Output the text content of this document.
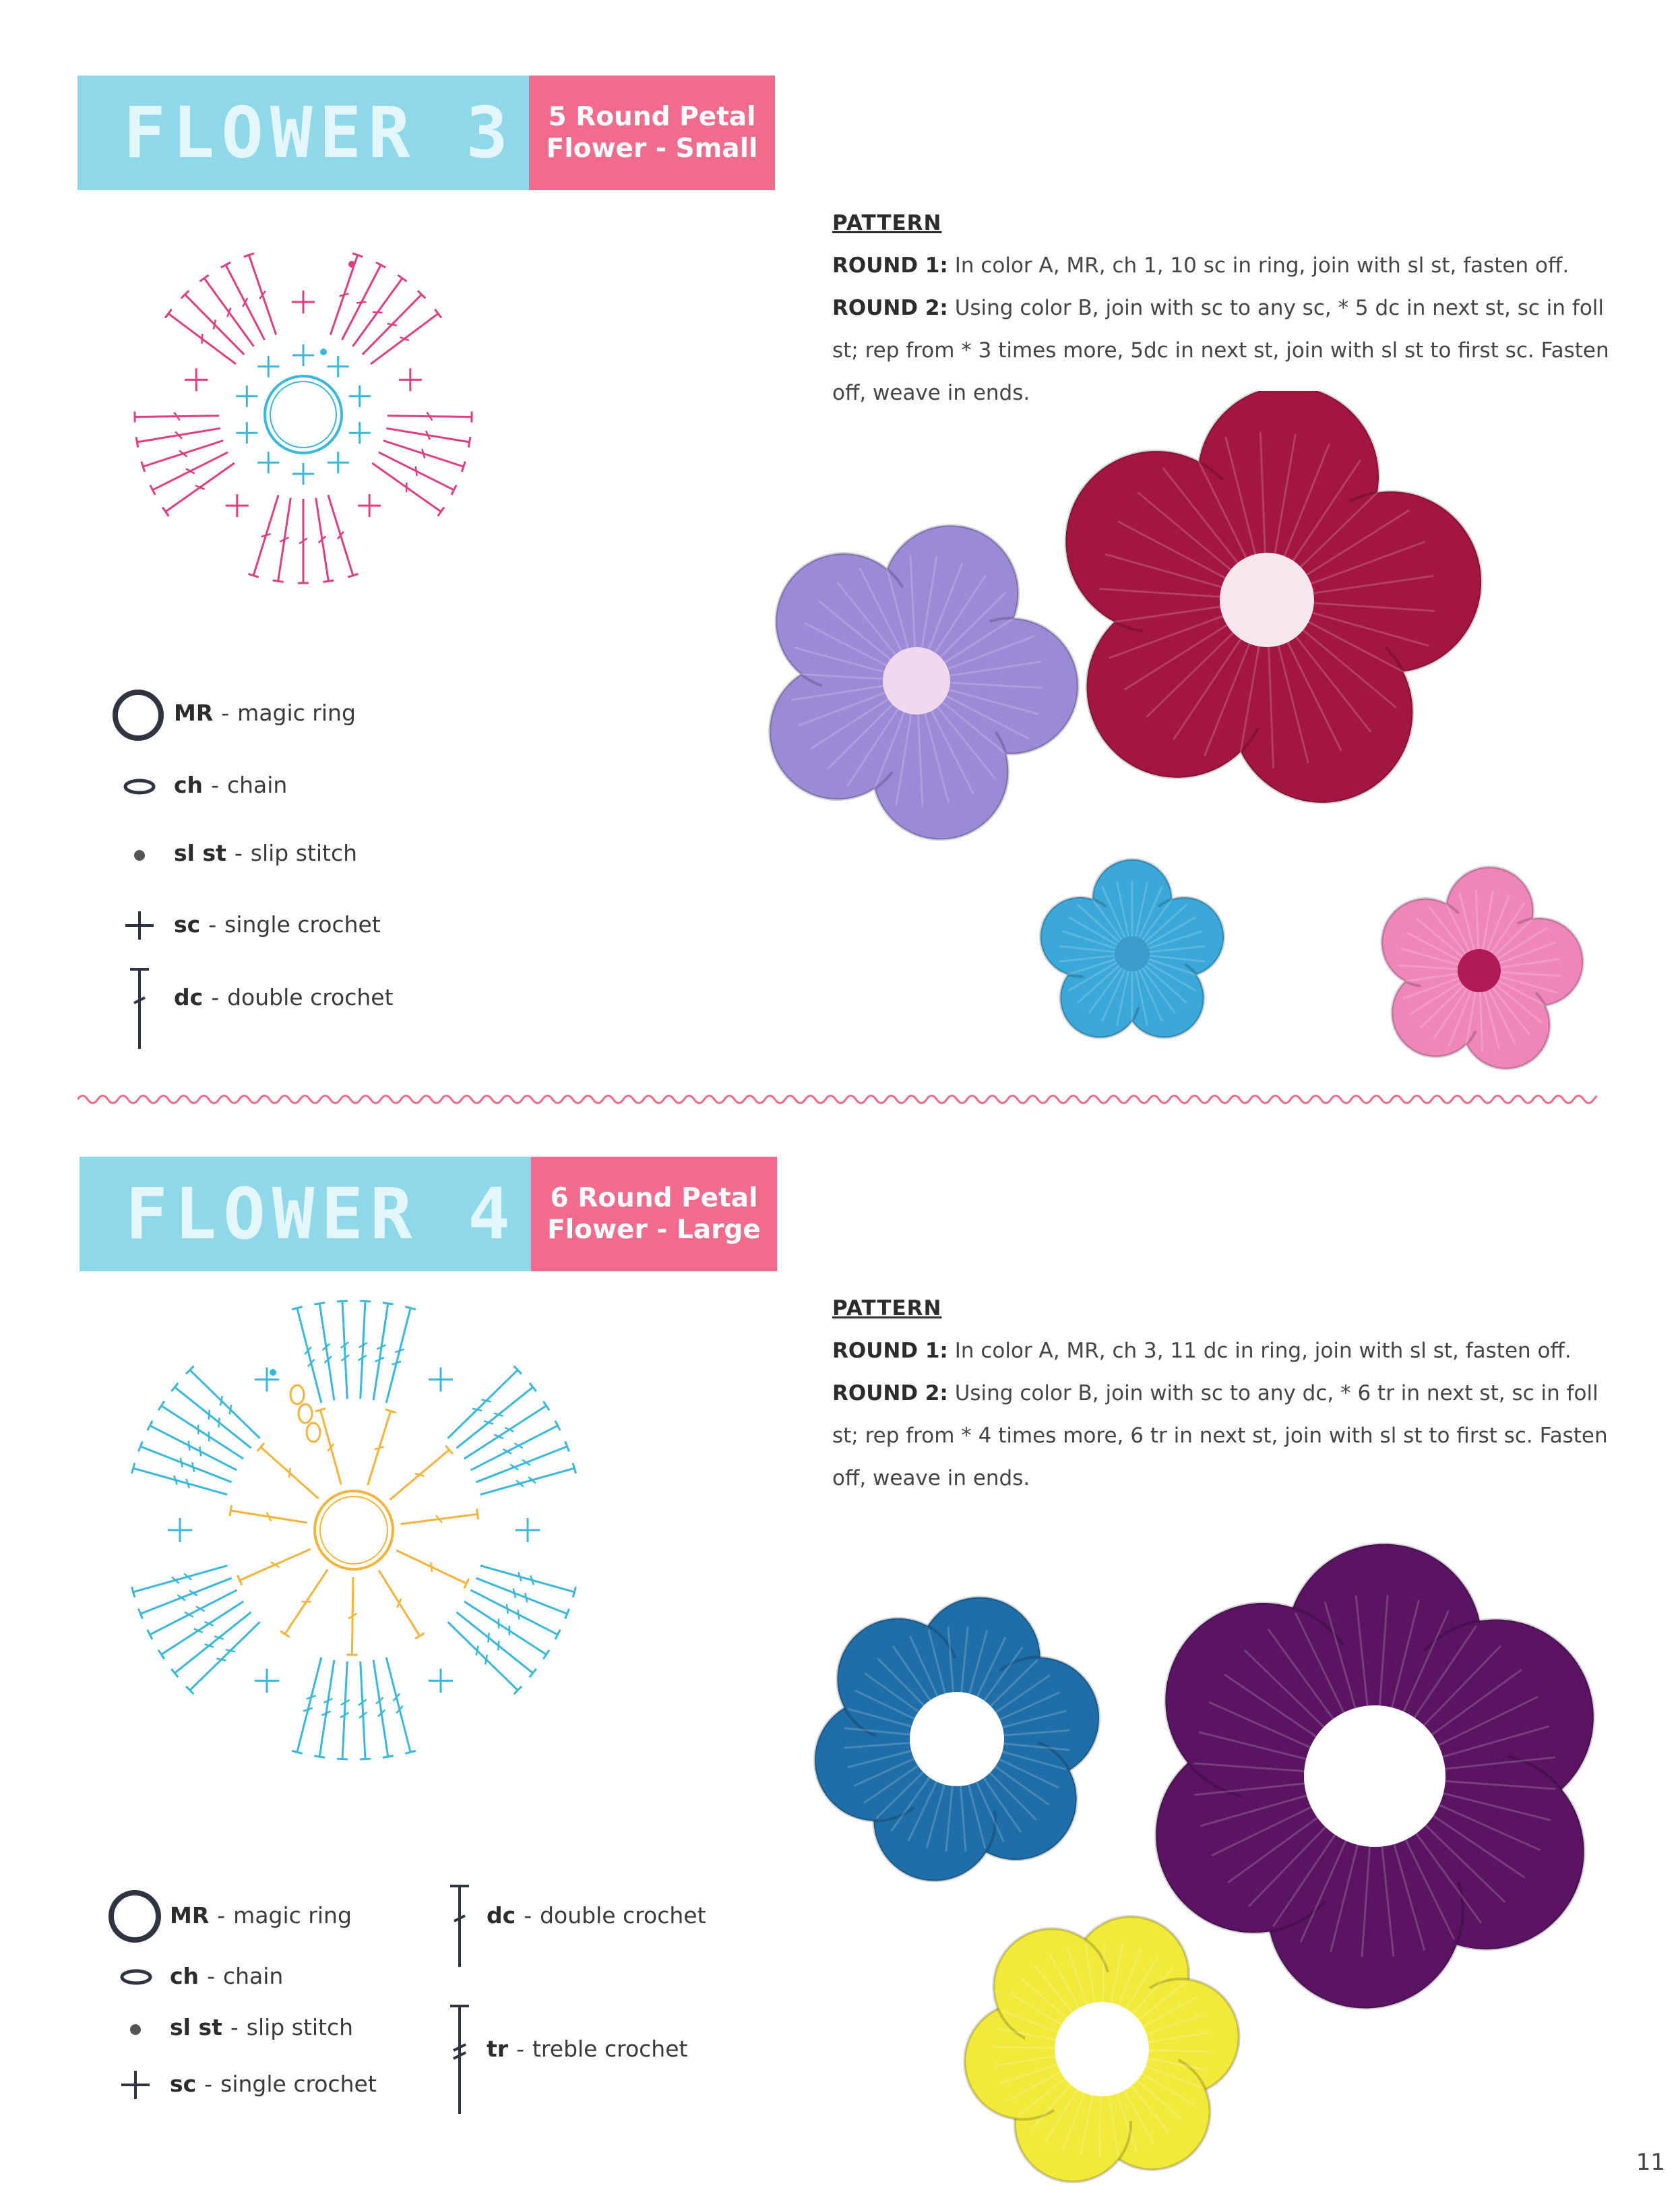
FLOWER 3	5 Round Petal
Flower - Small
PATTERN
ROUND 1: In color A, MR, ch 1, 10 sc in ring, join with sl st, fasten off.
ROUND 2: Using color B, join with sc to any sc, * 5 dc in next st, sc in foll st; rep from * 3 times more, 5dc in next st, join with sl st to first sc. Fasten off, weave in ends.
MR - magic ring
ch - chain
sl st - slip stitch
sc - single crochet
dc - double crochet
FLOWER 4	6 Round Petal
Flower - Large
PATTERN
ROUND 1: In color A, MR, ch 3, 11 dc in ring, join with sl st, fasten off.
ROUND 2: Using color B, join with sc to any dc, * 6 tr in next st, sc in foll st; rep from * 4 times more, 6 tr in next st, join with sl st to first sc. Fasten off, weave in ends.
MR - magic ring
ch - chain
sl st - slip stitch
sc - single crochet
dc - double crochet
tr - treble crochet
11
